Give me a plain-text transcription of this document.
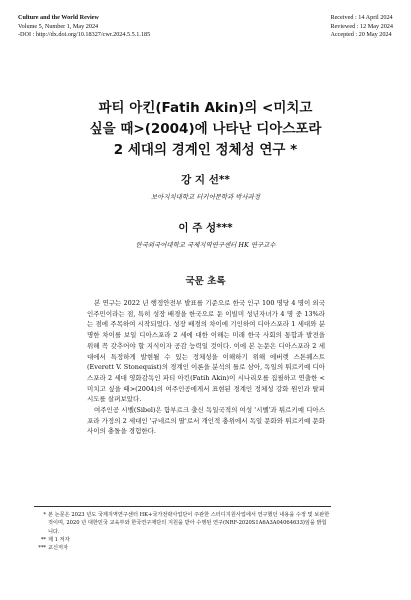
Culture and the World Review
Volume 5, Number 1, May 2024
-DOI : http://dx.doi.org/10.18327/cwr.2024.5.5.1.185
Received : 14 April 2024
Reviewed : 12 May 2024
Accepted : 20 May 2024
파티 아킨(Fatih Akin)의 <미치고
싶을 때>(2004)에 나타난 디아스포라
2 세대의 경계인 정체성 연구 *
강 지 선**
보아지치대학교 터키어문학과 박사과정
이 주 성***
한국외국어대학교 국제지역연구센터 HK 연구교수
국문 초록

본 연구는 2022 년 행정안전부 발표를 기준으로 한국 인구 100 명당 4 명이 외국인주민이라는 점, 특히 성장 배경을 한국으로 둔 이빌미 성년자녀가 4 명 중 13%라는 점에 주목하여 시작되었다. 성장 배경의 차이에 기인하여 디아스포라 1 세대와 분명한 차이를 보일 디아스포라 2 세에 대한 이해는 미래 한국 사회의 통합과 발전을 위해 꼭 갖추어야 할 지식이자 공감 능력일 것이다. 이에 본 논문은 디아스포라 2 세대에서 특정하게 발현될 수 있는 정체성을 이해하기 위해 에버렛 스톤퀘스트(Everett V. Stonequist)의 경계인 이론을 분석의 틀로 삼아, 독일의 튀르키예 디아스포라 2 세대 영화감독인 파티 아킨(Fatih Akin)이 시나리오를 집필하고 연출한 <미치고 싶을 때>(2004)의 여주인공에게서 표현된 경계인 정체성 강화 원인과 탈피 시도를 살펴보았다.

여주인공 시벨(Sibel)은 함부르크 출신 독일국적의 여성 '시벨'과 튀르키예 디아스포라 가정의 2 세대인 '규네르의 딸'로서 개인적 충위에서 독일 문화와 튀르키예 문화 사이의 충돌을 경험한다.

* 본 논문은 2023 년도 국제지역연구센터 HK+국가전략사업단이 주관한 스터디지원사업에서 연구했던 내용을 수정 및 보완한 것이며, 2020 년 대한민국 교육부와 한국연구재단의 지원을 받아 수행된 연구(NRF-2020S1A6A3A04064633)임을 밝힙니다.
** 제 1 저자
*** 교신저자
